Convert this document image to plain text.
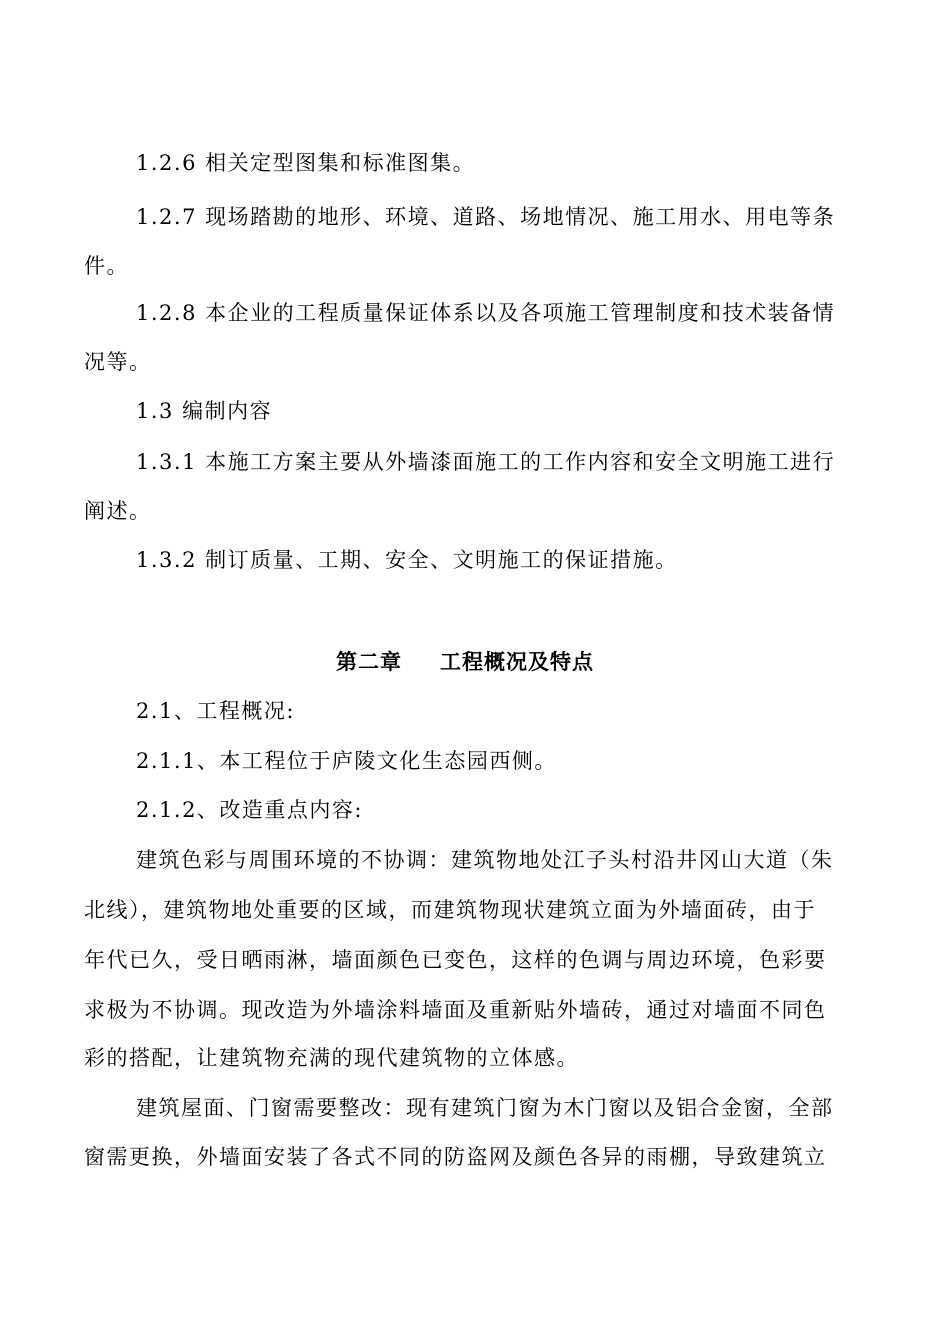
1.2.6 相关定型图集和标准图集。
1.2.7 现场踏勘的地形、环境、道路、场地情况、施工用水、用电等条
件。
1.2.8 本企业的工程质量保证体系以及各项施工管理制度和技术装备情
况等。
1.3 编制内容
1.3.1 本施工方案主要从外墙漆面施工的工作内容和安全文明施工进行
阐述。
1.3.2 制订质量、工期、安全、文明施工的保证措施。
第二章 工程概况及特点
2.1、工程概况:
2.1.1、本工程位于庐陵文化生态园西侧。
2.1.2、改造重点内容:
建筑色彩与周围环境的不协调：建筑物地处江子头村沿井冈山大道（朱
北线），建筑物地处重要的区域，而建筑物现状建筑立面为外墙面砖，由于
年代已久，受日晒雨淋，墙面颜色已变色，这样的色调与周边环境，色彩要
求极为不协调。现改造为外墙涂料墙面及重新贴外墙砖，通过对墙面不同色
彩的搭配，让建筑物充满的现代建筑物的立体感。
建筑屋面、门窗需要整改：现有建筑门窗为木门窗以及铝合金窗，全部
窗需更换，外墙面安装了各式不同的防盗网及颜色各异的雨棚，导致建筑立
